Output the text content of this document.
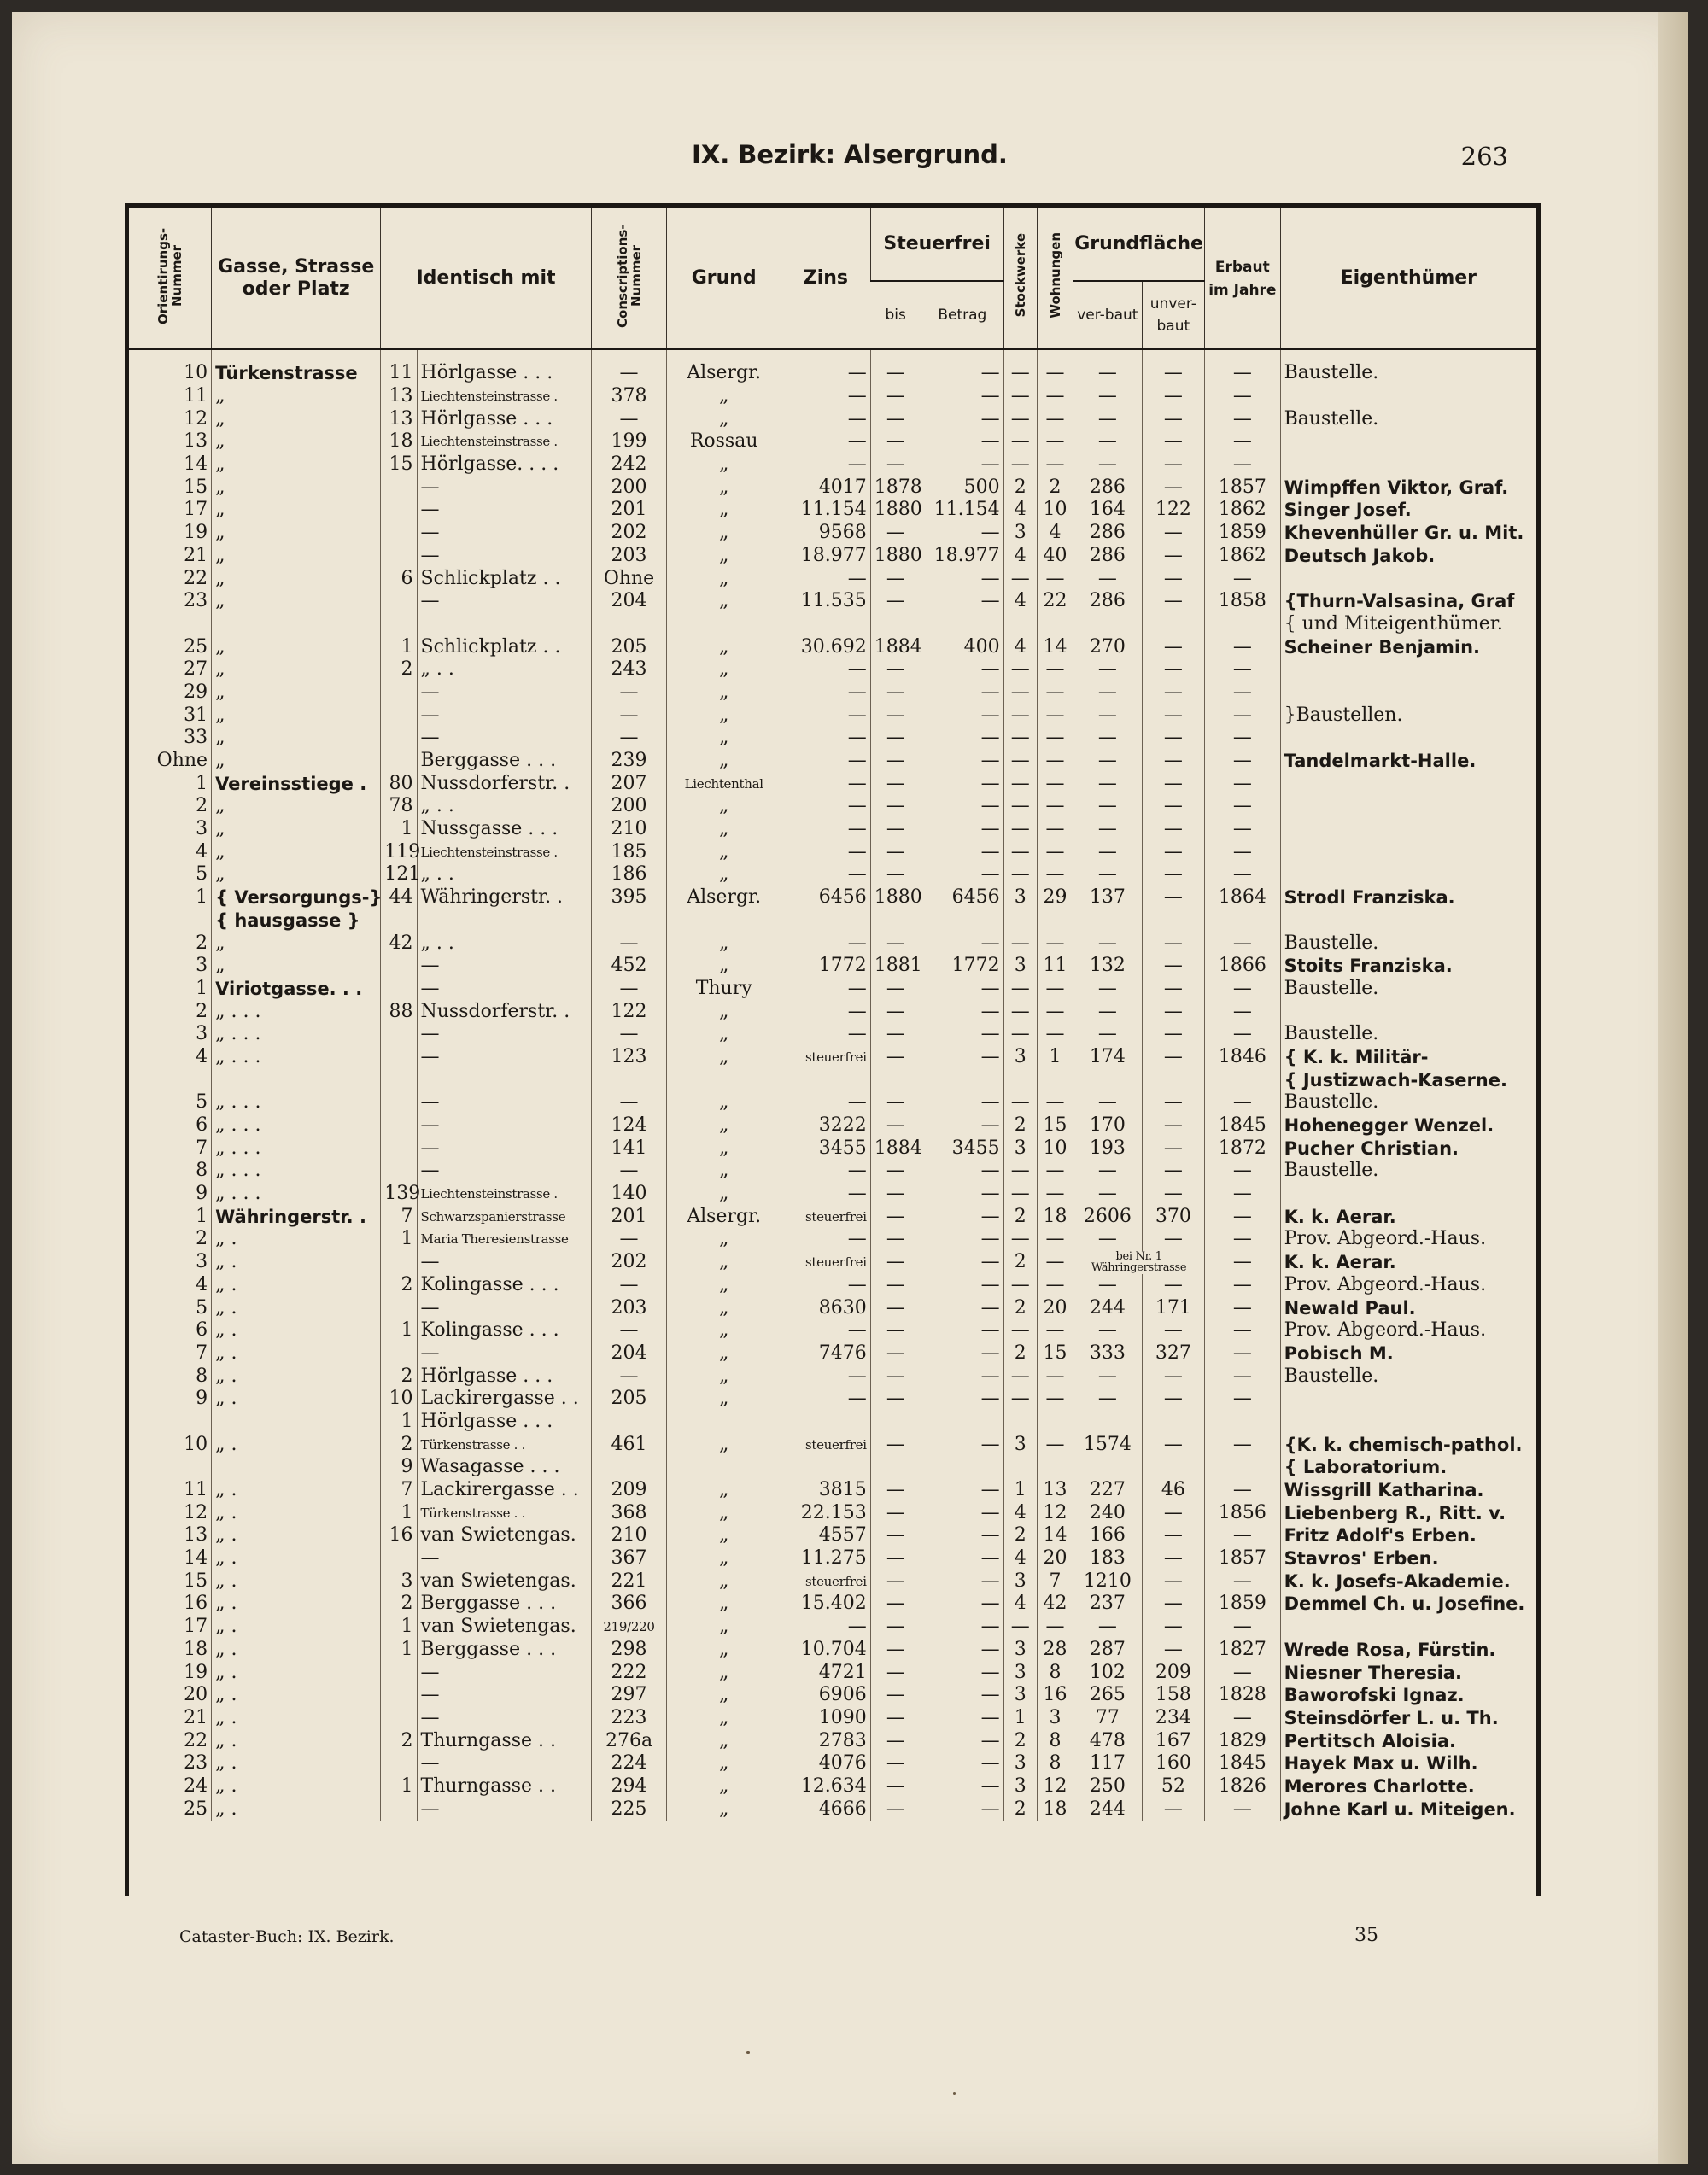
IX. Bezirk: Alsergrund.	263
Orientirungs-Nummer	Gasse, Strasse oder Platz	Identisch mit		Conscriptions-Nummer	Grund	Zins	Steuerfrei		Stockwerke	Wohnungen	Grundfläche		Erbaut im Jahre	Eigenthümer
							bis	Betrag			ver-baut	unver-baut		
10	Türkenstrasse	11	Hörlgasse . . .	—	Alsergr.	—	—	—	—	—	—	—	—	Baustelle.
11	„	13	Liechtensteinstrasse .	378	„	—	—	—	—	—	—	—	—	
12	„	13	Hörlgasse . . .	—	„	—	—	—	—	—	—	—	—	Baustelle.
13	„	18	Liechtensteinstrasse .	199	Rossau	—	—	—	—	—	—	—	—	
14	„	15	Hörlgasse. . . .	242	„	—	—	—	—	—	—	—	—	
15	„		—	200	„	4017	1878	500	2	2	286	—	1857	Wimpffen Viktor, Graf.
17	„		—	201	„	11.154	1880	11.154	4	10	164	122	1862	Singer Josef.
19	„		—	202	„	9568	—	—	3	4	286	—	1859	Khevenhüller Gr. u. Mit.
21	„		—	203	„	18.977	1880	18.977	4	40	286	—	1862	Deutsch Jakob.
22	„	6	Schlickplatz . .	Ohne	„	—	—	—	—	—	—	—	—	
23	„		—	204	„	11.535	—	—	4	22	286	—	1858	{Thurn-Valsasina, Graf
														{ und Miteigenthümer.
25	„	1	Schlickplatz . .	205	„	30.692	1884	400	4	14	270	—	—	Scheiner Benjamin.
27	„	2	„ . .	243	„	—	—	—	—	—	—	—	—	
29	„		—	—	„	—	—	—	—	—	—	—	—	
31	„		—	—	„	—	—	—	—	—	—	—	—	}Baustellen.
33	„		—	—	„	—	—	—	—	—	—	—	—	
Ohne	„		Berggasse . . .	239	„	—	—	—	—	—	—	—	—	Tandelmarkt-Halle.
1	Vereinsstiege .	80	Nussdorferstr. .	207	Liechtenthal	—	—	—	—	—	—	—	—	
2	„	78	„ . .	200	„	—	—	—	—	—	—	—	—	
3	„	1	Nussgasse . . .	210	„	—	—	—	—	—	—	—	—	
4	„	119	Liechtensteinstrasse .	185	„	—	—	—	—	—	—	—	—	
5	„	121	„ . .	186	„	—	—	—	—	—	—	—	—	
1	{ Versorgungs-}	44	Währingerstr. .	395	Alsergr.	6456	1880	6456	3	29	137	—	1864	Strodl Franziska.
	{ hausgasse }													
2	„	42	„ . .	—	„	—	—	—	—	—	—	—	—	Baustelle.
3	„		—	452	„	1772	1881	1772	3	11	132	—	1866	Stoits Franziska.
1	Viriotgasse. . .		—	—	Thury	—	—	—	—	—	—	—	—	Baustelle.
2	„ . . .	88	Nussdorferstr. .	122	„	—	—	—	—	—	—	—	—	
3	„ . . .		—	—	„	—	—	—	—	—	—	—	—	Baustelle.
4	„ . . .		—	123	„	steuerfrei	—	—	3	1	174	—	1846	{ K. k. Militär-
														{ Justizwach-Kaserne.
5	„ . . .		—	—	„	—	—	—	—	—	—	—	—	Baustelle.
6	„ . . .		—	124	„	3222	—	—	2	15	170	—	1845	Hohenegger Wenzel.
7	„ . . .		—	141	„	3455	1884	3455	3	10	193	—	1872	Pucher Christian.
8	„ . . .		—	—	„	—	—	—	—	—	—	—	—	Baustelle.
9	„ . . .	139	Liechtensteinstrasse .	140	„	—	—	—	—	—	—	—	—	
1	Währingerstr. .	7	Schwarzspanierstrasse	201	Alsergr.	steuerfrei	—	—	2	18	2606	370	—	K. k. Aerar.
2	„ .	1	Maria Theresienstrasse	—	„	—	—	—	—	—	—	—	—	Prov. Abgeord.-Haus.
3	„ .		—	202	„	steuerfrei	—	—	2	—	bei Nr. 1 Währingerstrasse		—	K. k. Aerar.
4	„ .	2	Kolingasse . . .	—	„	—	—	—	—	—	—	—	—	Prov. Abgeord.-Haus.
5	„ .		—	203	„	8630	—	—	2	20	244	171	—	Newald Paul.
6	„ .	1	Kolingasse . . .	—	„	—	—	—	—	—	—	—	—	Prov. Abgeord.-Haus.
7	„ .		—	204	„	7476	—	—	2	15	333	327	—	Pobisch M.
8	„ .	2	Hörlgasse . . .	—	„	—	—	—	—	—	—	—	—	Baustelle.
9	„ .	10	Lackirergasse . .	205	„	—	—	—	—	—	—	—	—	
		1	Hörlgasse . . .											
10	„ .	2	Türkenstrasse . .	461	„	steuerfrei	—	—	3	—	1574	—	—	{K. k. chemisch-pathol.
		9	Wasagasse . . .											{ Laboratorium.
11	„ .	7	Lackirergasse . .	209	„	3815	—	—	1	13	227	46	—	Wissgrill Katharina.
12	„ .	1	Türkenstrasse . .	368	„	22.153	—	—	4	12	240	—	1856	Liebenberg R., Ritt. v.
13	„ .	16	van Swietengas.	210	„	4557	—	—	2	14	166	—	—	Fritz Adolf's Erben.
14	„ .		—	367	„	11.275	—	—	4	20	183	—	1857	Stavros' Erben.
15	„ .	3	van Swietengas.	221	„	steuerfrei	—	—	3	7	1210	—	—	K. k. Josefs-Akademie.
16	„ .	2	Berggasse . . .	366	„	15.402	—	—	4	42	237	—	1859	Demmel Ch. u. Josefine.
17	„ .	1	van Swietengas.	219/220	„	—	—	—	—	—	—	—	—	
18	„ .	1	Berggasse . . .	298	„	10.704	—	—	3	28	287	—	1827	Wrede Rosa, Fürstin.
19	„ .		—	222	„	4721	—	—	3	8	102	209	—	Niesner Theresia.
20	„ .		—	297	„	6906	—	—	3	16	265	158	1828	Baworofski Ignaz.
21	„ .		—	223	„	1090	—	—	1	3	77	234	—	Steinsdörfer L. u. Th.
22	„ .	2	Thurngasse . .	276a	„	2783	—	—	2	8	478	167	1829	Pertitsch Aloisia.
23	„ .		—	224	„	4076	—	—	3	8	117	160	1845	Hayek Max u. Wilh.
24	„ .	1	Thurngasse . .	294	„	12.634	—	—	3	12	250	52	1826	Merores Charlotte.
25	„ .		—	225	„	4666	—	—	2	18	244	—	—	Johne Karl u. Miteigen.
Cataster-Buch: IX. Bezirk.	35
